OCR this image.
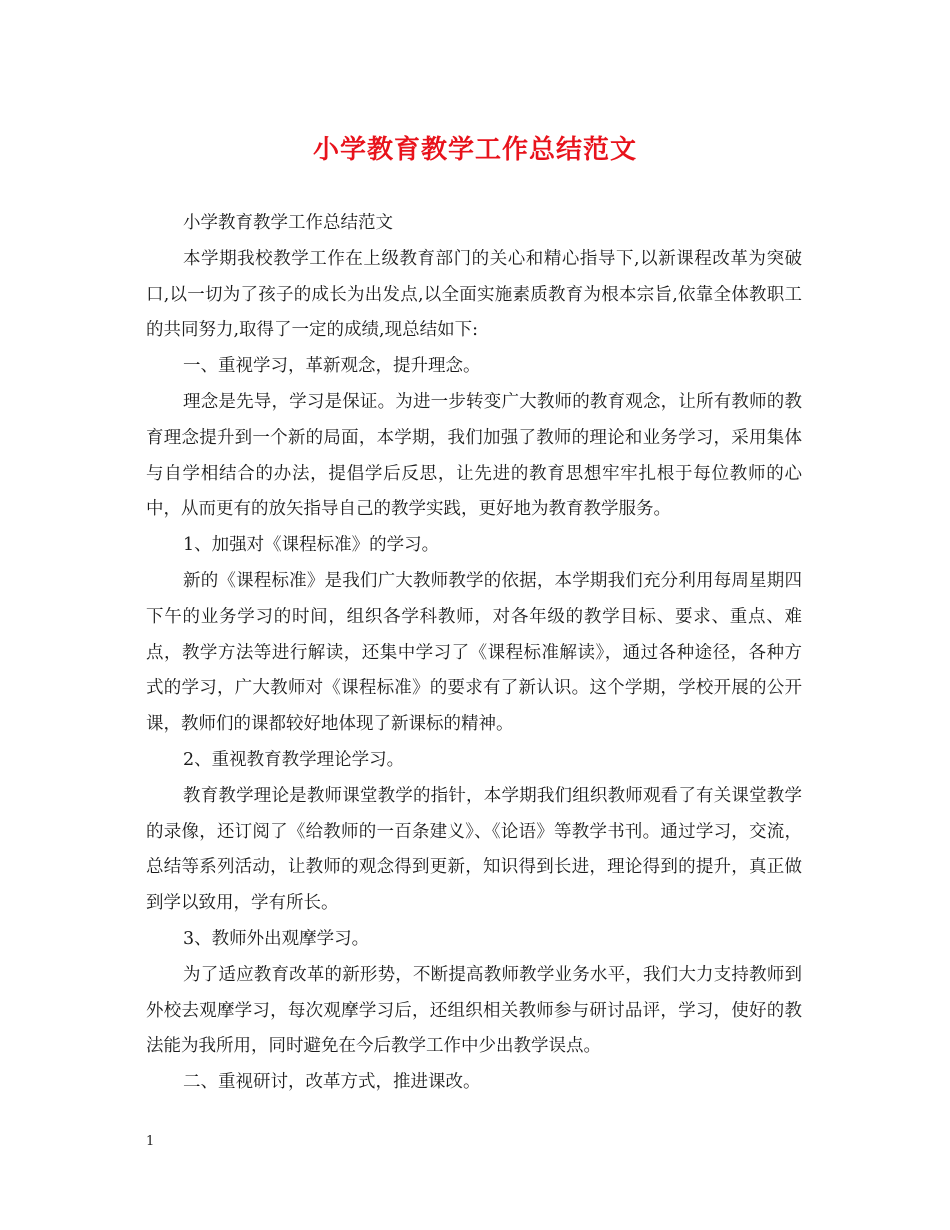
小学教育教学工作总结范文

小学教育教学工作总结范文

本学期我校教学工作在上级教育部门的关心和精心指导下,以新课程改革为突破口,以一切为了孩子的成长为出发点,以全面实施素质教育为根本宗旨,依靠全体教职工的共同努力,取得了一定的成绩,现总结如下:

一、重视学习，革新观念，提升理念。

理念是先导，学习是保证。为进一步转变广大教师的教育观念，让所有教师的教育理念提升到一个新的局面，本学期，我们加强了教师的理论和业务学习，采用集体与自学相结合的办法，提倡学后反思，让先进的教育思想牢牢扎根于每位教师的心中，从而更有的放矢指导自己的教学实践，更好地为教育教学服务。

1、加强对《课程标准》的学习。

新的《课程标准》是我们广大教师教学的依据，本学期我们充分利用每周星期四下午的业务学习的时间，组织各学科教师，对各年级的教学目标、要求、重点、难点，教学方法等进行解读，还集中学习了《课程标准解读》，通过各种途径，各种方式的学习，广大教师对《课程标准》的要求有了新认识。这个学期，学校开展的公开课，教师们的课都较好地体现了新课标的精神。

2、重视教育教学理论学习。

教育教学理论是教师课堂教学的指针，本学期我们组织教师观看了有关课堂教学的录像，还订阅了《给教师的一百条建义》、《论语》等教学书刊。通过学习，交流，总结等系列活动，让教师的观念得到更新，知识得到长进，理论得到的提升，真正做到学以致用，学有所长。

3、教师外出观摩学习。

为了适应教育改革的新形势，不断提高教师教学业务水平，我们大力支持教师到外校去观摩学习，每次观摩学习后，还组织相关教师参与研讨品评，学习，使好的教法能为我所用，同时避免在今后教学工作中少出教学误点。

二、重视研讨，改革方式，推进课改。

1
